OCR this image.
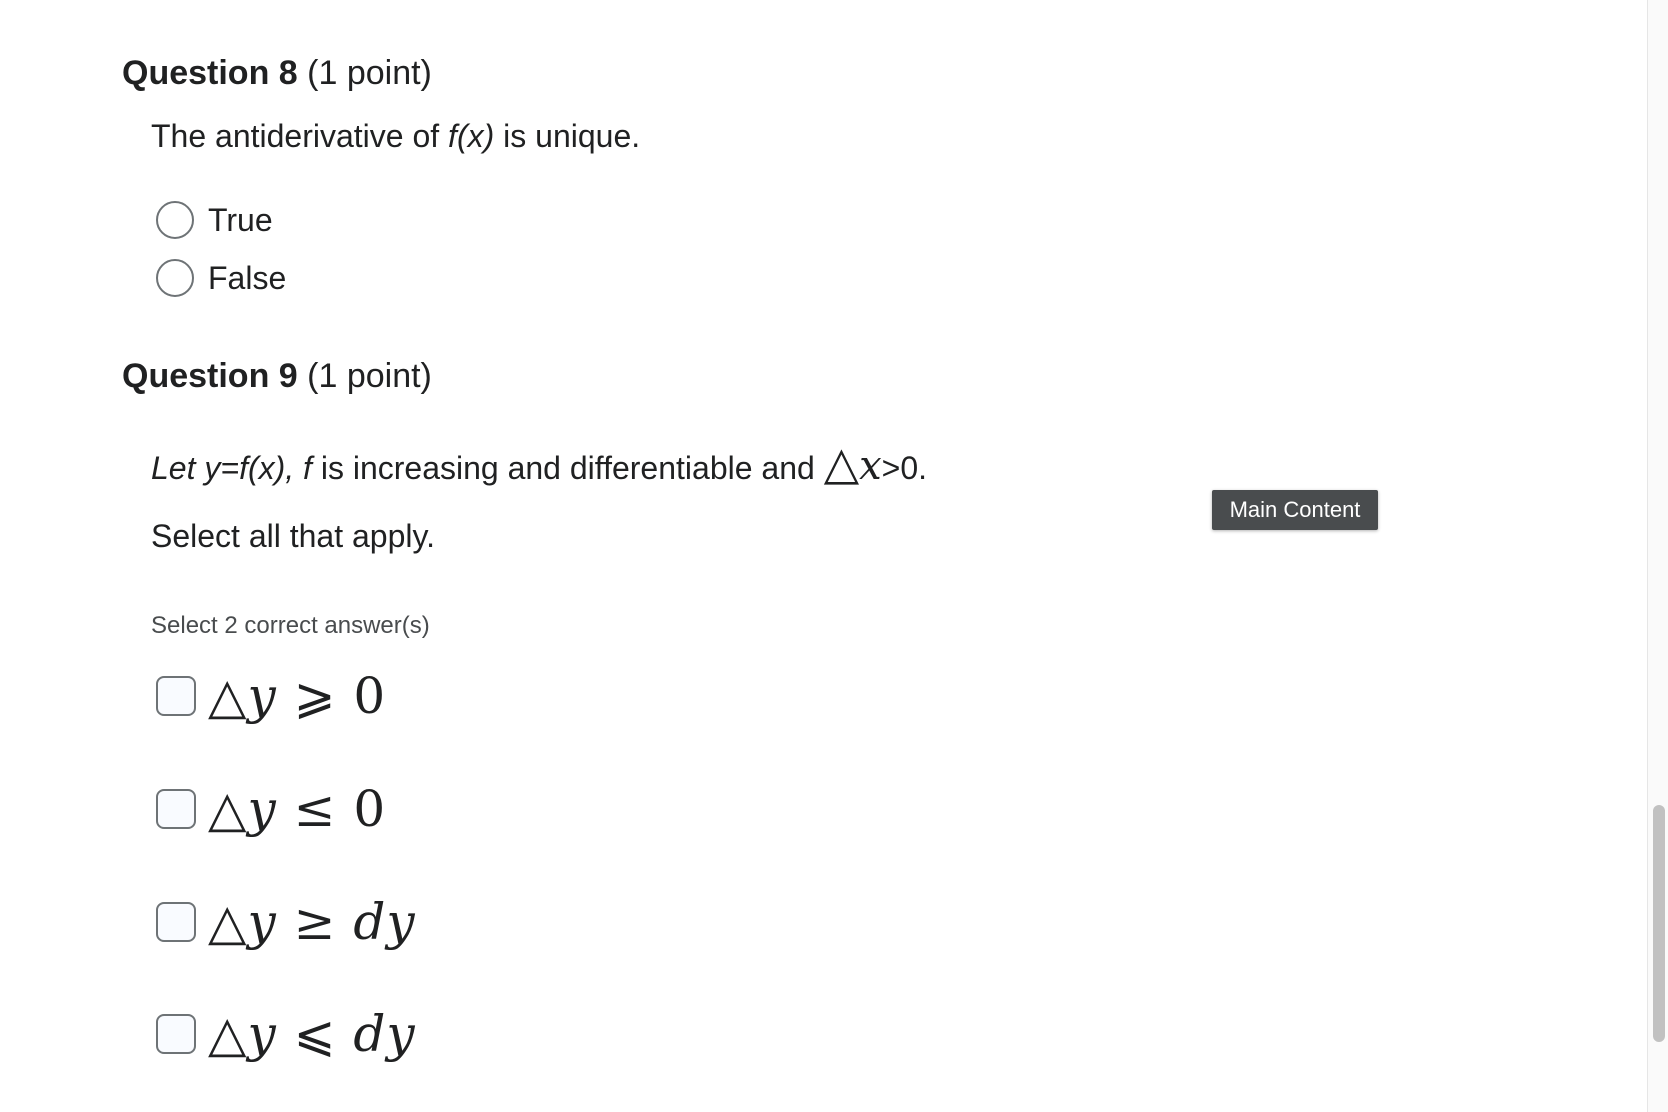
Question 8 (1 point)
The antiderivative of f(x) is unique.
True
False
Question 9 (1 point)
Let y=f(x), f is increasing and differentiable and △𝑥>0.
Select all that apply.
Select 2 correct answer(s)
△y ⩾ 0
△y ≤ 0
△y ≥ dy
△y ⩽ dy
Main Content
